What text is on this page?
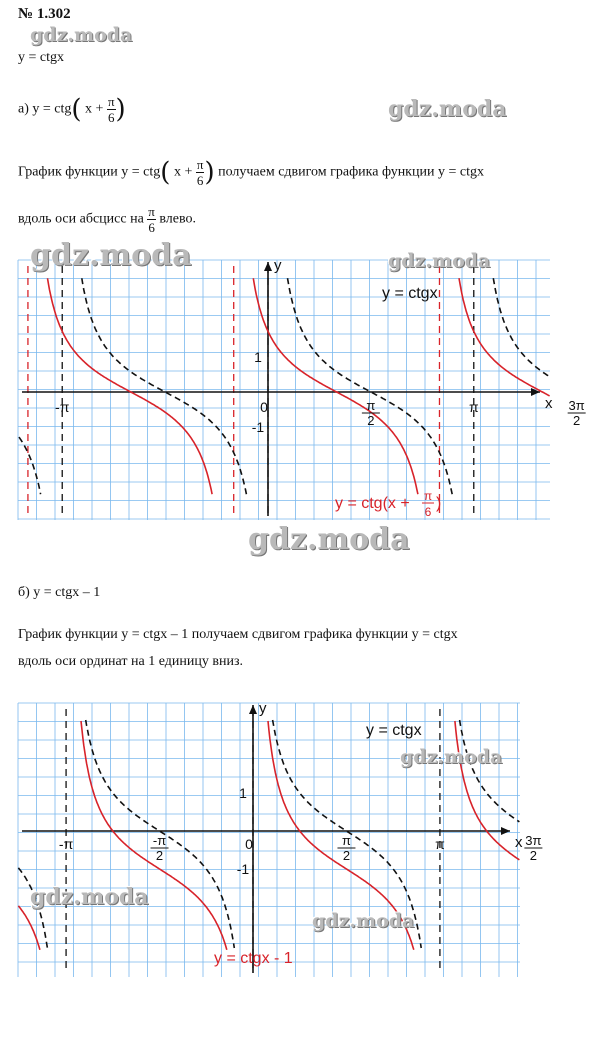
№ 1.302
gdz.moda
y = ctgx
а) y = ctg( $x + \frac{\pi}{6}$ )	gdz.moda
График функции y = ctg( $x + \frac{\pi}{6}$ ) получаем сдвигом графика функции y = ctgx
вдоль оси абсцисс на $\frac{\pi}{6}$ влево.
x
y
-π	0	π
π
2
3π
2
1
-1
y = ctgx
y = ctg(x + π
6 )
gdz.moda	gdz.moda
gdz.moda
б) y = ctgx – 1
График функции y = ctgx – 1 получаем сдвигом графика функции y = ctgx
вдоль оси ординат на 1 единицу вниз.
x
y
-π	0	π
-π
2
π
2
3π
2
1
-1
y = ctgx
y = ctgx - 1
gdz.moda
gdz.moda
gdz.moda
